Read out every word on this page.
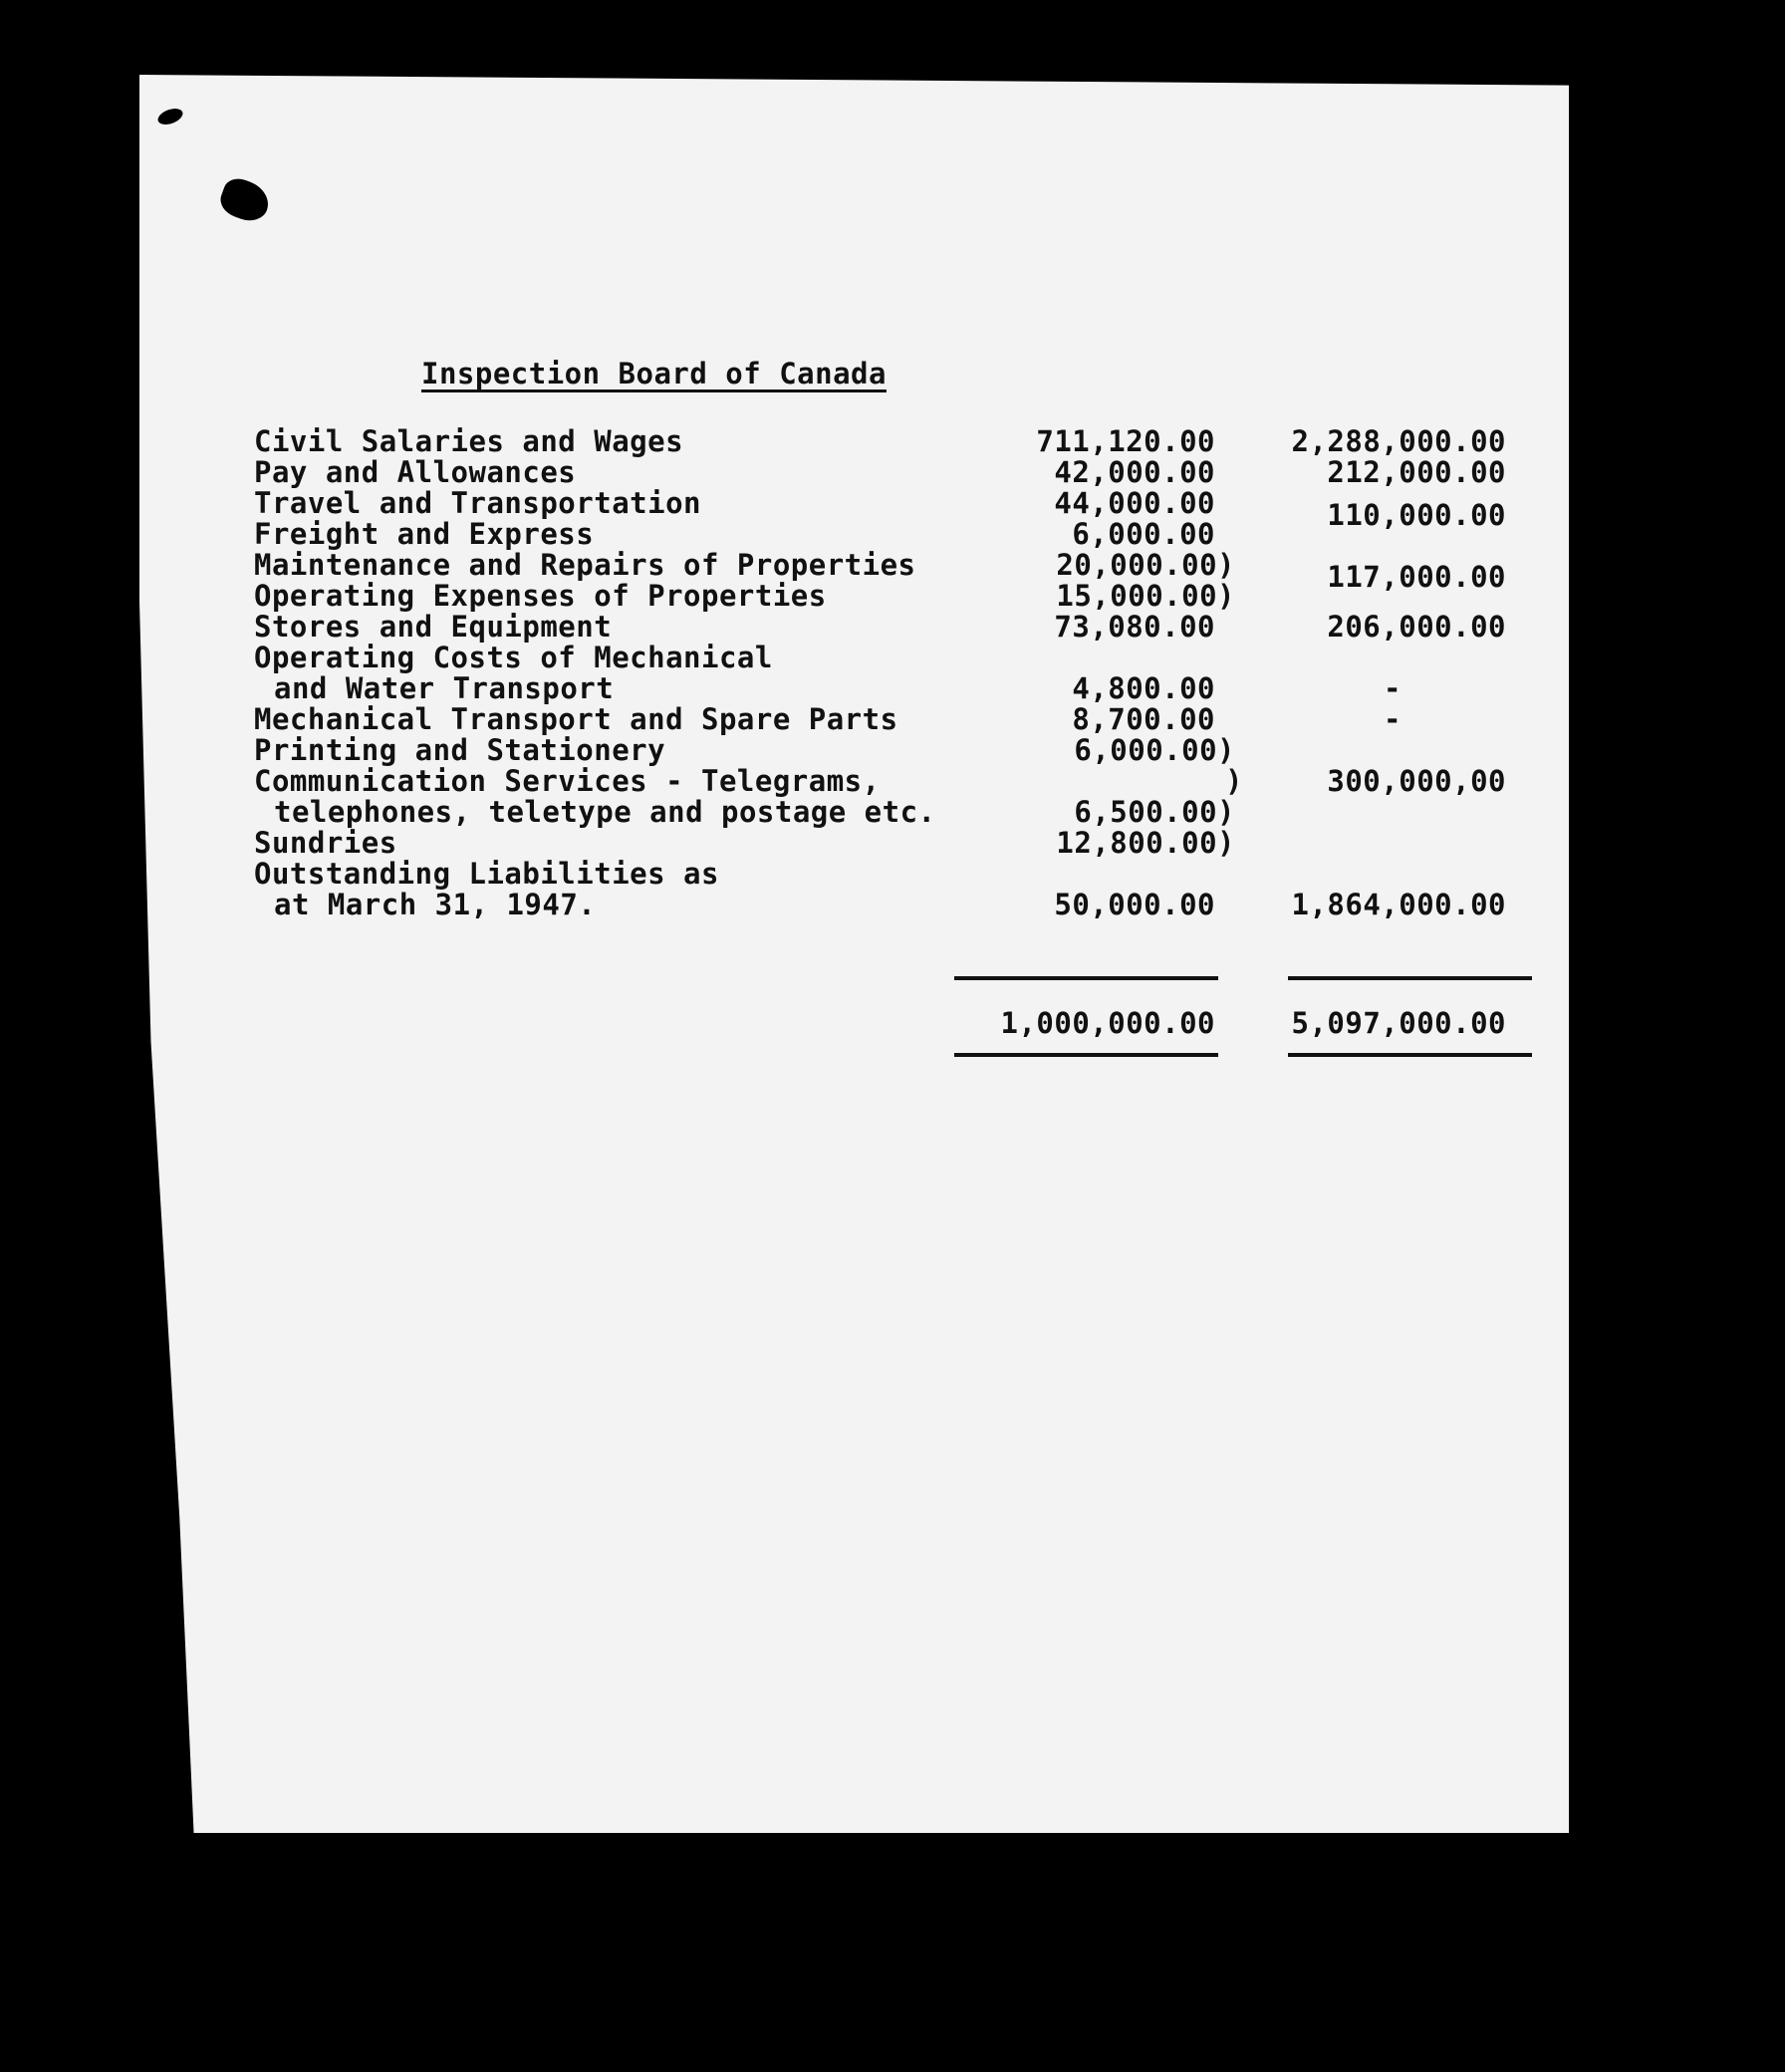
Inspection Board of Canada
Civil Salaries and Wages
Pay and Allowances
Travel and Transportation
Freight and Express
Maintenance and Repairs of Properties
Operating Expenses of Properties
Stores and Equipment
Operating Costs of Mechanical
and Water Transport
Mechanical Transport and Spare Parts
Printing and Stationery
Communication Services - Telegrams,
telephones, teletype and postage etc.
Sundries
Outstanding Liabilities as
at March 31, 1947.
711,120.00
42,000.00
44,000.00
6,000.00
20,000.00)
15,000.00)
73,080.00
4,800.00
8,700.00
6,000.00)
6,500.00)
12,800.00)
50,000.00
2,288,000.00
212,000.00
110,000.00
117,000.00
206,000.00
-
-
300,000,00
1,864,000.00
)
1,000,000.00	5,097,000.00
